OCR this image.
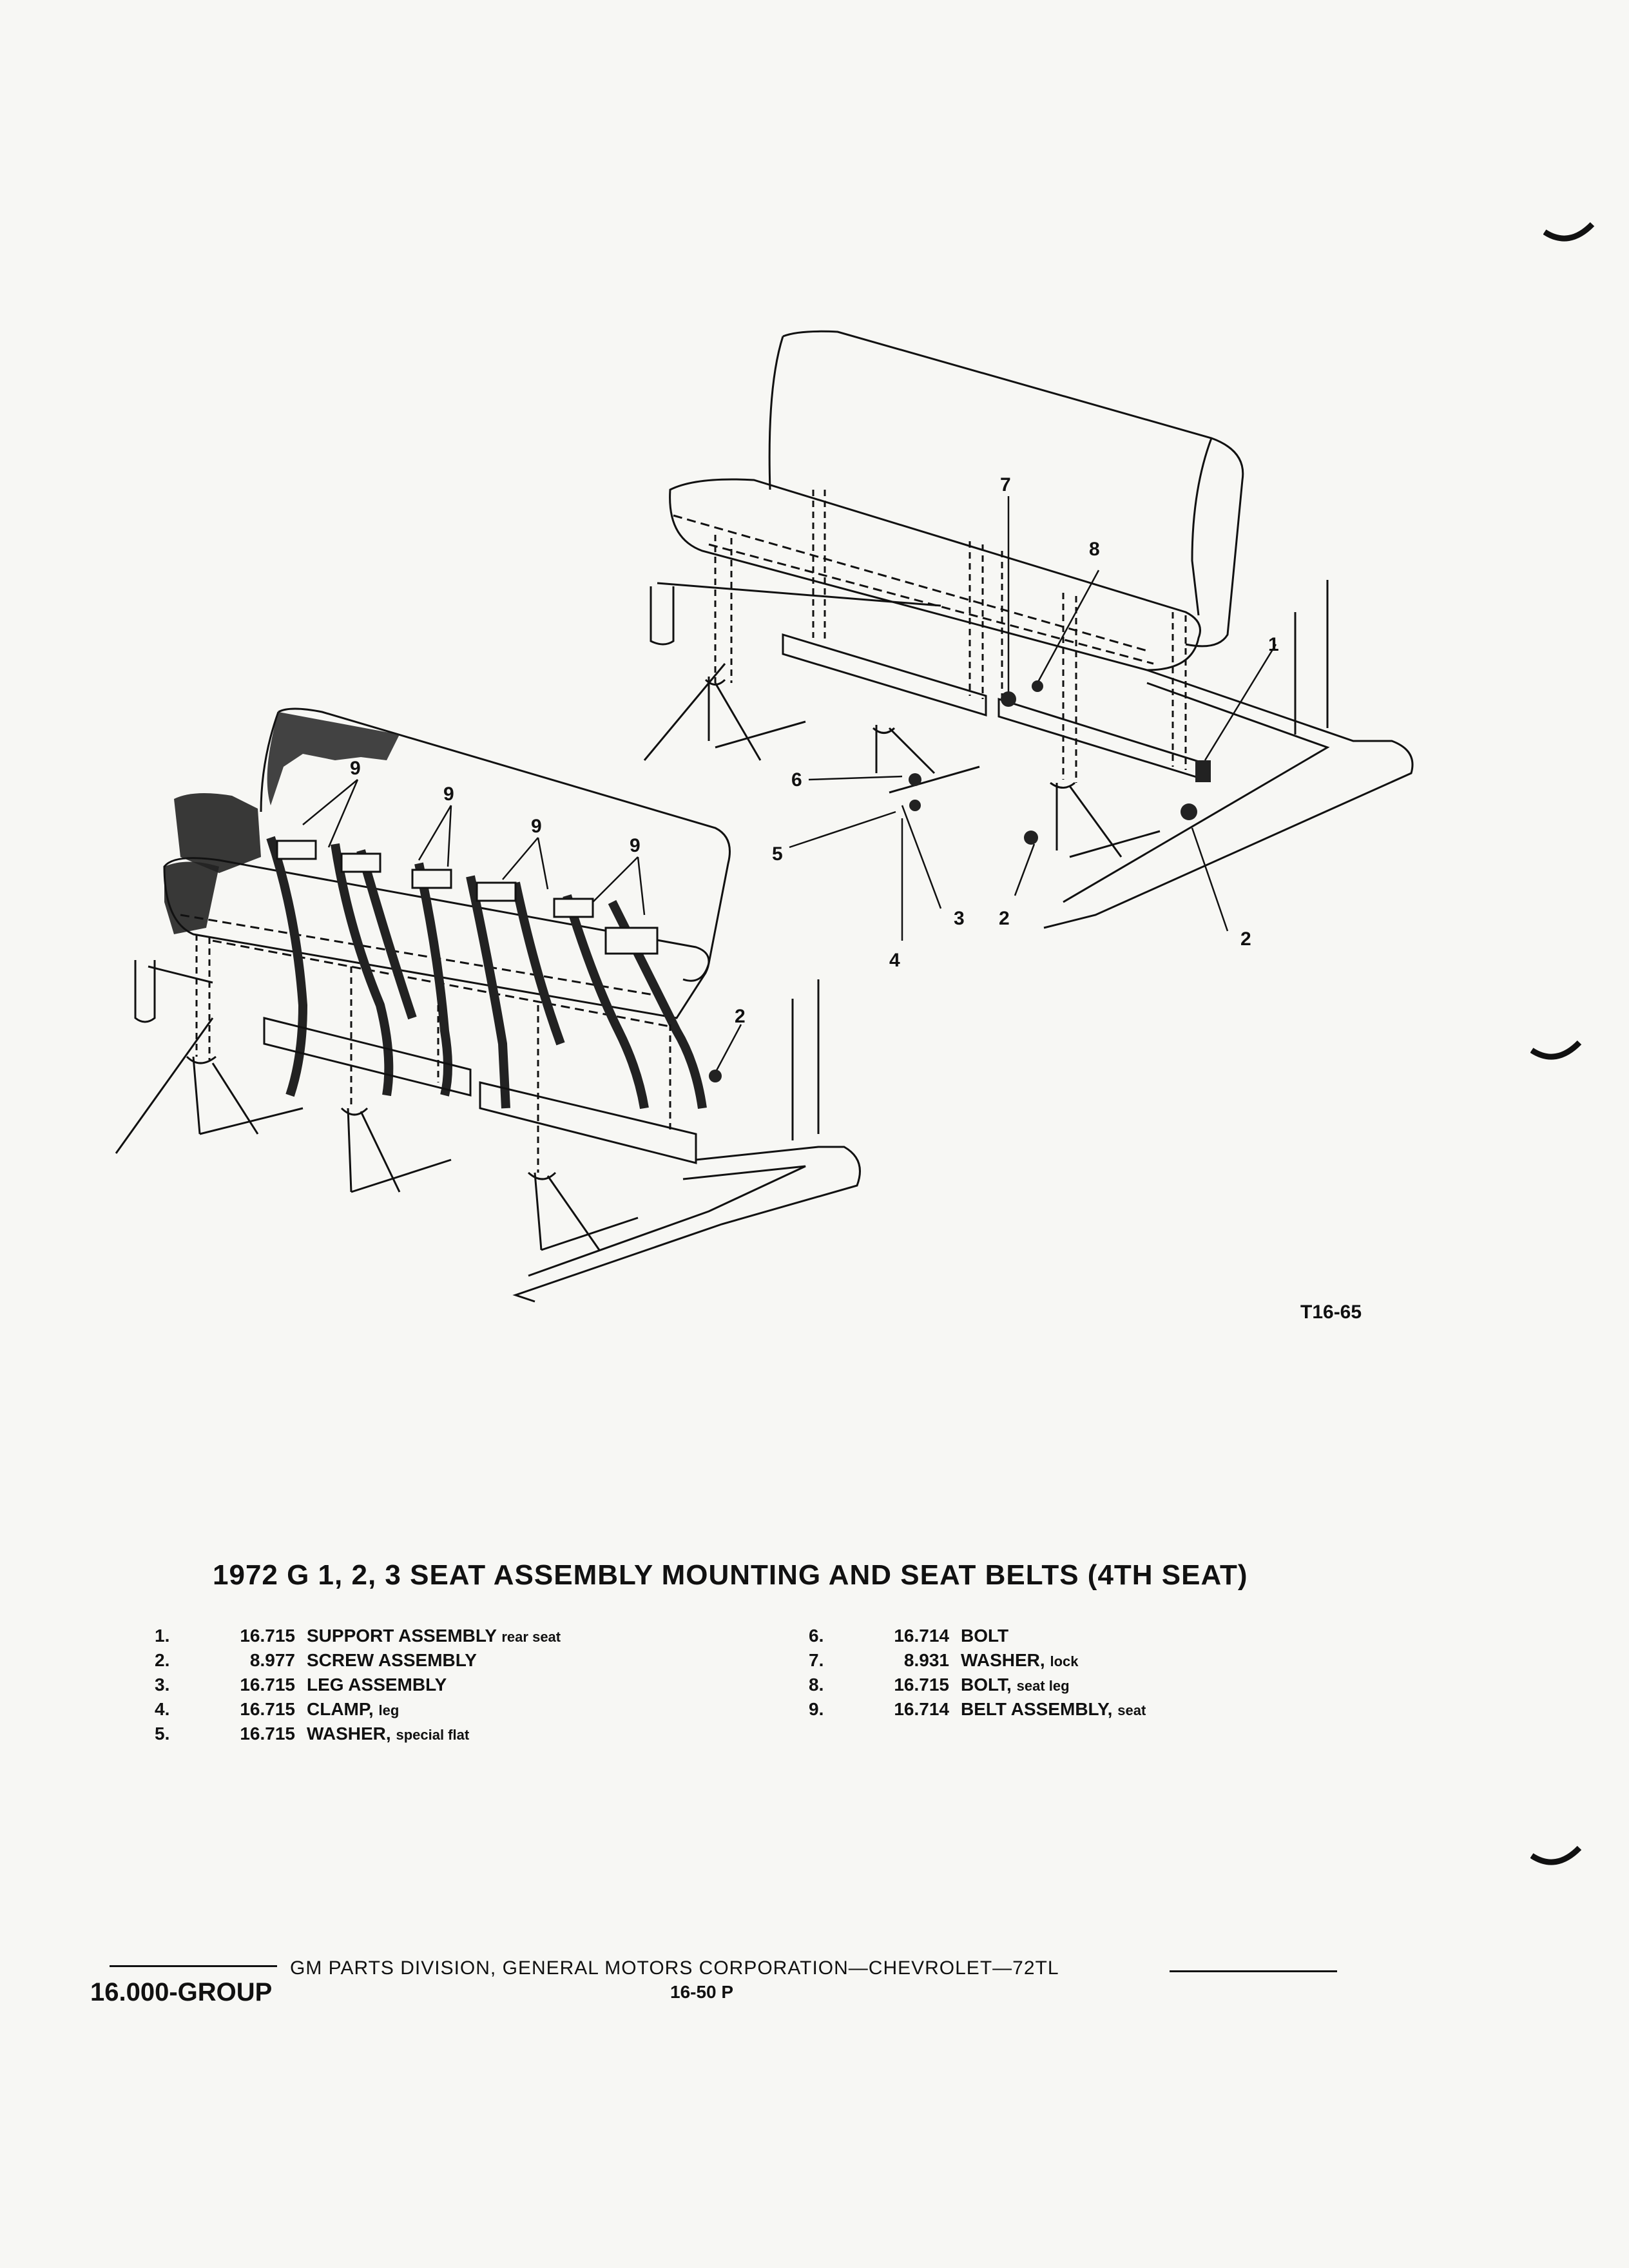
1
2
2
2
3
4
5
6
7
8
9
9
9
9
T16-65
1972 G 1, 2, 3 SEAT ASSEMBLY MOUNTING AND SEAT BELTS (4TH SEAT)
1.	16.715 SUPPORT ASSEMBLY rear seat
2.	8.977 SCREW ASSEMBLY
3.	16.715 LEG ASSEMBLY
4.	16.715 CLAMP, leg
5.	16.715 WASHER, special flat
6.	16.714 BOLT
7.	8.931 WASHER, lock
8.	16.715 BOLT, seat leg
9.	16.714 BELT ASSEMBLY, seat
GM PARTS DIVISION, GENERAL MOTORS CORPORATION—CHEVROLET—72TL
16.000-GROUP	16-50 P
